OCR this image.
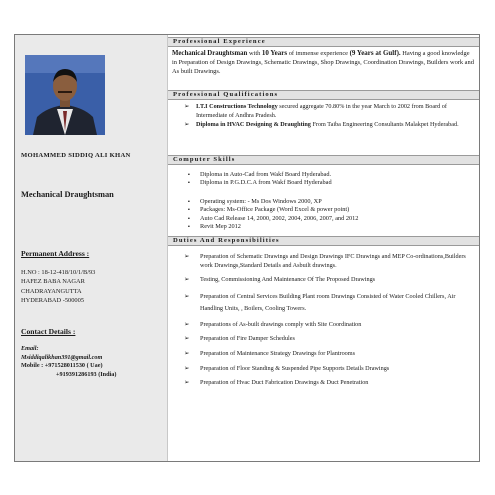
MOHAMMED SIDDIQ ALI KHAN
Mechanical Draughtsman
Permanent Address :
H.NO : 18-12-418/10/1/B/93
HAFEZ BABA NAGAR
CHADRAYANGUTTA
HYDERABAD -500005
Contact Details :
Email:
Msiddiqalikhan391@gmail.com
Mobile : +971528011530 ( Uae)
+919391286193 (India)
Professional Experience
Mechanical Draughtsman with 10 Years of immense experience (9 Years at Gulf). Having a good knowledge in Preparation of Design Drawings, Schematic Drawings, Shop Drawings, Coordination Drawings, Builders work and As built Drawings.
Professional Qualifications
➢	I.T.I Constructions Technology secured aggregate 70.80% in the year March to 2002 from Board of Intermediate of Andhra Pradesh.
➢	Diploma in HVAC Designing & Draughting From Taiba Engineering Consultants Malakpet Hyderabad.
Computer Skills
▪	Diploma in Auto-Cad from Wakf Board Hyderabad.
▪	Diploma in P.G.D.C.A from Wakf Board Hyderabad
▪	Operating system: - Ms Dos Windows 2000, XP
▪	Packages: Ms-Office Package (Word Excel & power point)
▪	Auto Cad Release 14, 2000, 2002, 2004, 2006, 2007, and 2012
▪	Revit Mep 2012
Duties And Responsibilities
➢	Preparation of Schematic Drawings and Design Drawings IFC Drawings and MEP Co-ordinations,Builders work Drawings,Standard Details and Asbuilt drawings.
➢	Testing, Commissioning And Maintenance Of The Proposed Drawings
➢	Preparation of Central Services Building Plant room Drawings Consisted of Water Cooled Chillers, Air Handling Units, , Boilers, Cooling Towers.
➢	Preparations of As-built drawings comply with Site Coordination
➢	Preparation of Fire Damper Schedules
➢	Preparation of Maintenance Strategy Drawings for Plantrooms
➢	Preparation of Floor Standing & Suspended Pipe Supports Details Drawings
➢	Preparation of Hvac Duct Fabrication Drawings & Duct Penetration
